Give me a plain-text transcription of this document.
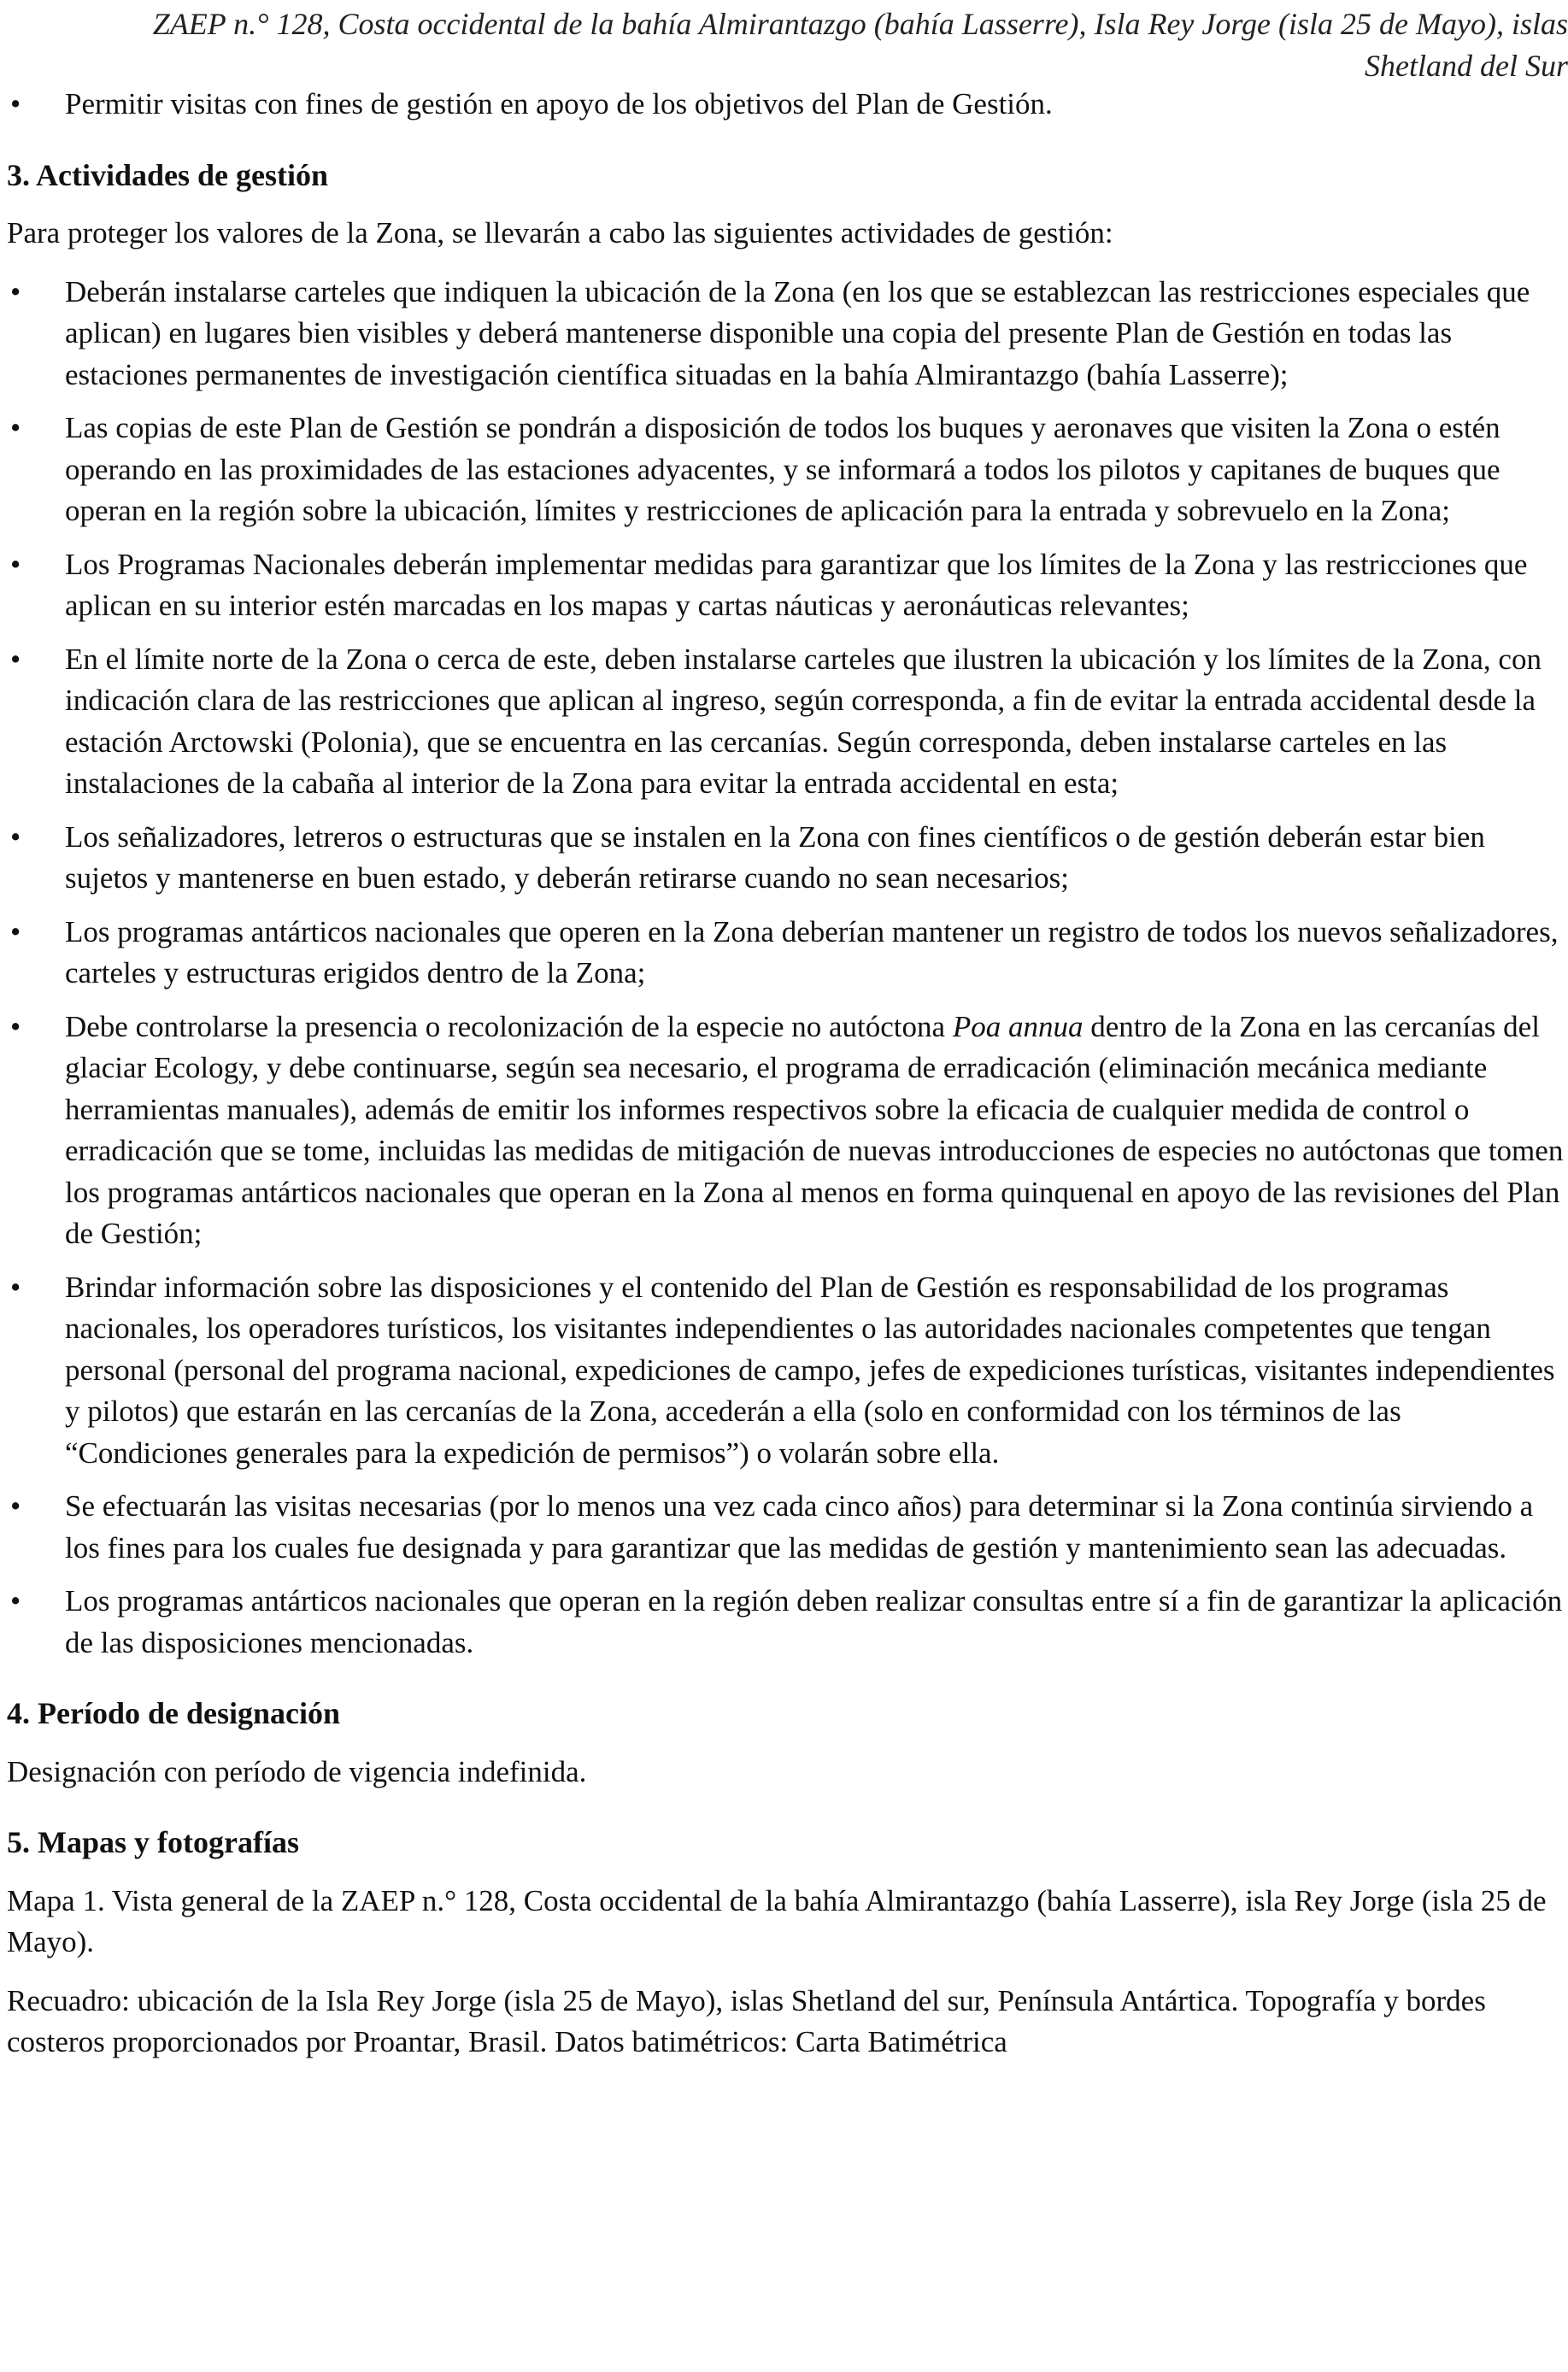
ZAEP n.° 128, Costa occidental de la bahía Almirantazgo (bahía Lasserre), Isla Rey Jorge (isla 25 de Mayo), islas Shetland del Sur
•	Permitir visitas con fines de gestión en apoyo de los objetivos del Plan de Gestión.

3. Actividades de gestión

Para proteger los valores de la Zona, se llevarán a cabo las siguientes actividades de gestión:

•	Deberán instalarse carteles que indiquen la ubicación de la Zona (en los que se establezcan las restricciones especiales que aplican) en lugares bien visibles y deberá mantenerse disponible una copia del presente Plan de Gestión en todas las estaciones permanentes de investigación científica situadas en la bahía Almirantazgo (bahía Lasserre);
•	Las copias de este Plan de Gestión se pondrán a disposición de todos los buques y aeronaves que visiten la Zona o estén operando en las proximidades de las estaciones adyacentes, y se informará a todos los pilotos y capitanes de buques que operan en la región sobre la ubicación, límites y restricciones de aplicación para la entrada y sobrevuelo en la Zona;
•	Los Programas Nacionales deberán implementar medidas para garantizar que los límites de la Zona y las restricciones que aplican en su interior estén marcadas en los mapas y cartas náuticas y aeronáuticas relevantes;
•	En el límite norte de la Zona o cerca de este, deben instalarse carteles que ilustren la ubicación y los límites de la Zona, con indicación clara de las restricciones que aplican al ingreso, según corresponda, a fin de evitar la entrada accidental desde la estación Arctowski (Polonia), que se encuentra en las cercanías. Según corresponda, deben instalarse carteles en las instalaciones de la cabaña al interior de la Zona para evitar la entrada accidental en esta;
•	Los señalizadores, letreros o estructuras que se instalen en la Zona con fines científicos o de gestión deberán estar bien sujetos y mantenerse en buen estado, y deberán retirarse cuando no sean necesarios;
•	Los programas antárticos nacionales que operen en la Zona deberían mantener un registro de todos los nuevos señalizadores, carteles y estructuras erigidos dentro de la Zona;
•	Debe controlarse la presencia o recolonización de la especie no autóctona Poa annua dentro de la Zona en las cercanías del glaciar Ecology, y debe continuarse, según sea necesario, el programa de erradicación (eliminación mecánica mediante herramientas manuales), además de emitir los informes respectivos sobre la eficacia de cualquier medida de control o erradicación que se tome, incluidas las medidas de mitigación de nuevas introducciones de especies no autóctonas que tomen los programas antárticos nacionales que operan en la Zona al menos en forma quinquenal en apoyo de las revisiones del Plan de Gestión;
•	Brindar información sobre las disposiciones y el contenido del Plan de Gestión es responsabilidad de los programas nacionales, los operadores turísticos, los visitantes independientes o las autoridades nacionales competentes que tengan personal (personal del programa nacional, expediciones de campo, jefes de expediciones turísticas, visitantes independientes y pilotos) que estarán en las cercanías de la Zona, accederán a ella (solo en conformidad con los términos de las “Condiciones generales para la expedición de permisos”) o volarán sobre ella.
•	Se efectuarán las visitas necesarias (por lo menos una vez cada cinco años) para determinar si la Zona continúa sirviendo a los fines para los cuales fue designada y para garantizar que las medidas de gestión y mantenimiento sean las adecuadas.
•	Los programas antárticos nacionales que operan en la región deben realizar consultas entre sí a fin de garantizar la aplicación de las disposiciones mencionadas.

4. Período de designación

Designación con período de vigencia indefinida.

5. Mapas y fotografías

Mapa 1. Vista general de la ZAEP n.° 128, Costa occidental de la bahía Almirantazgo (bahía Lasserre), isla Rey Jorge (isla 25 de Mayo).

Recuadro: ubicación de la Isla Rey Jorge (isla 25 de Mayo), islas Shetland del sur, Península Antártica. Topografía y bordes costeros proporcionados por Proantar, Brasil. Datos batimétricos: Carta Batimétrica
